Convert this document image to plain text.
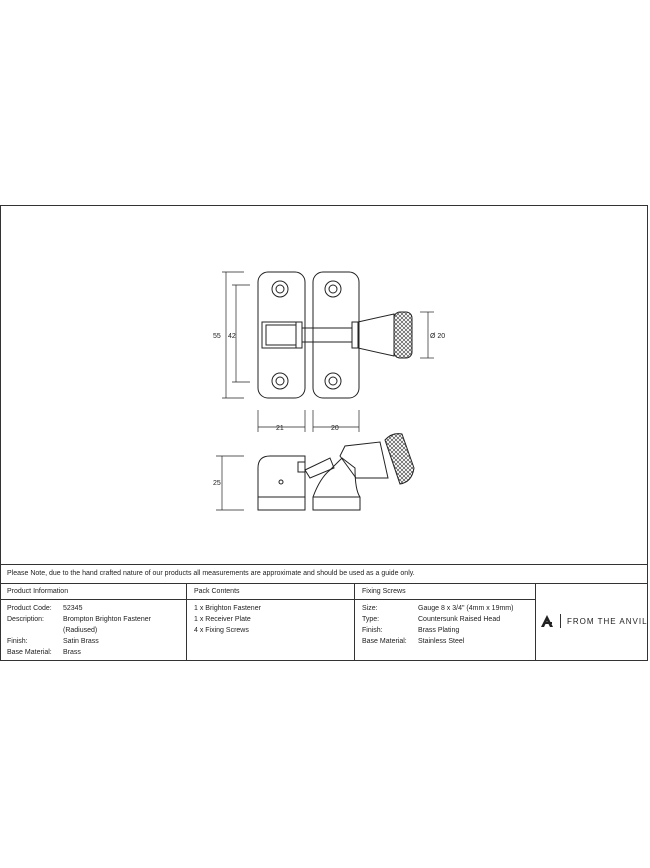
55 42	Ø 20
21	20
25
Please Note, due to the hand crafted nature of our products all measurements are approximate and should be used as a guide only.
Product Information
Product Code: 52345
Description:	Brompton Brighton Fastener
(Radiused)
Finish:	Satin Brass
Base Material: Brass
Pack Contents
1 x Brighton Fastener
1 x Receiver Plate
4 x Fixing Screws
Fixing Screws
Size:	Gauge 8 x 3/4" (4mm x 19mm)
Type:	Countersunk Raised Head
Finish:	Brass Plating
Base Material: Stainless Steel
FROM THE ANVIL
